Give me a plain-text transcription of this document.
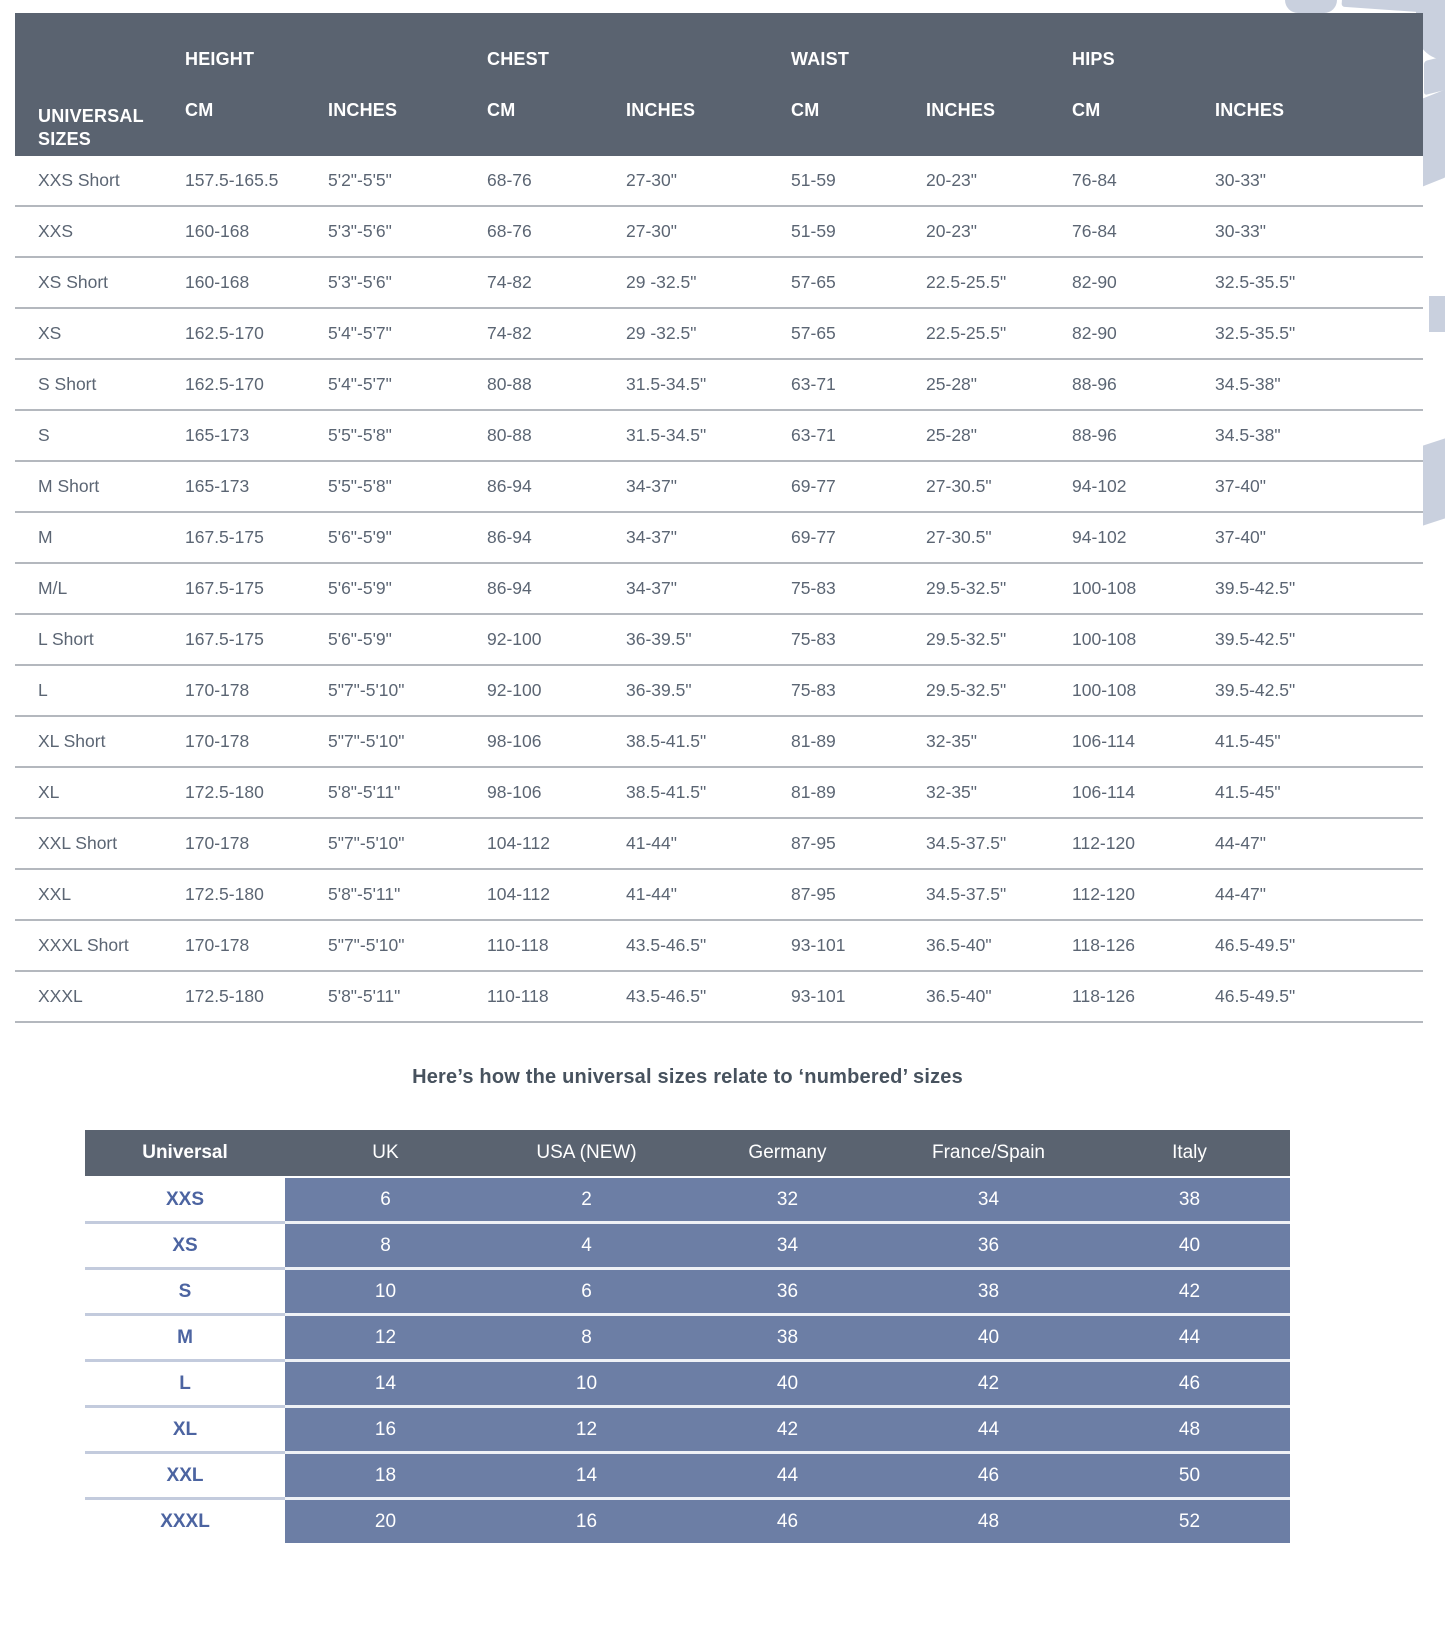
UNIVERSAL SIZES	HEIGHT		CHEST		WAIST		HIPS	
	CM	INCHES	CM	INCHES	CM	INCHES	CM	INCHES
XXS Short	157.5-165.5	5'2"-5'5"	68-76	27-30"	51-59	20-23"	76-84	30-33"
XXS	160-168	5'3"-5'6"	68-76	27-30"	51-59	20-23"	76-84	30-33"
XS Short	160-168	5'3"-5'6"	74-82	29 -32.5"	57-65	22.5-25.5"	82-90	32.5-35.5"
XS	162.5-170	5'4"-5'7"	74-82	29 -32.5"	57-65	22.5-25.5"	82-90	32.5-35.5"
S Short	162.5-170	5'4"-5'7"	80-88	31.5-34.5"	63-71	25-28"	88-96	34.5-38"
S	165-173	5'5"-5'8"	80-88	31.5-34.5"	63-71	25-28"	88-96	34.5-38"
M Short	165-173	5'5"-5'8"	86-94	34-37"	69-77	27-30.5"	94-102	37-40"
M	167.5-175	5'6"-5'9"	86-94	34-37"	69-77	27-30.5"	94-102	37-40"
M/L	167.5-175	5'6"-5'9"	86-94	34-37"	75-83	29.5-32.5"	100-108	39.5-42.5"
L Short	167.5-175	5'6"-5'9"	92-100	36-39.5"	75-83	29.5-32.5"	100-108	39.5-42.5"
L	170-178	5"7"-5'10"	92-100	36-39.5"	75-83	29.5-32.5"	100-108	39.5-42.5"
XL Short	170-178	5"7"-5'10"	98-106	38.5-41.5"	81-89	32-35"	106-114	41.5-45"
XL	172.5-180	5'8"-5'11"	98-106	38.5-41.5"	81-89	32-35"	106-114	41.5-45"
XXL Short	170-178	5"7"-5'10"	104-112	41-44"	87-95	34.5-37.5"	112-120	44-47"
XXL	172.5-180	5'8"-5'11"	104-112	41-44"	87-95	34.5-37.5"	112-120	44-47"
XXXL Short	170-178	5"7"-5'10"	110-118	43.5-46.5"	93-101	36.5-40"	118-126	46.5-49.5"
XXXL	172.5-180	5'8"-5'11"	110-118	43.5-46.5"	93-101	36.5-40"	118-126	46.5-49.5"
Here’s how the universal sizes relate to ‘numbered’ sizes
Universal	UK	USA (NEW)	Germany	France/Spain	Italy
XXS	6	2	32	34	38
XS	8	4	34	36	40
S	10	6	36	38	42
M	12	8	38	40	44
L	14	10	40	42	46
XL	16	12	42	44	48
XXL	18	14	44	46	50
XXXL	20	16	46	48	52
